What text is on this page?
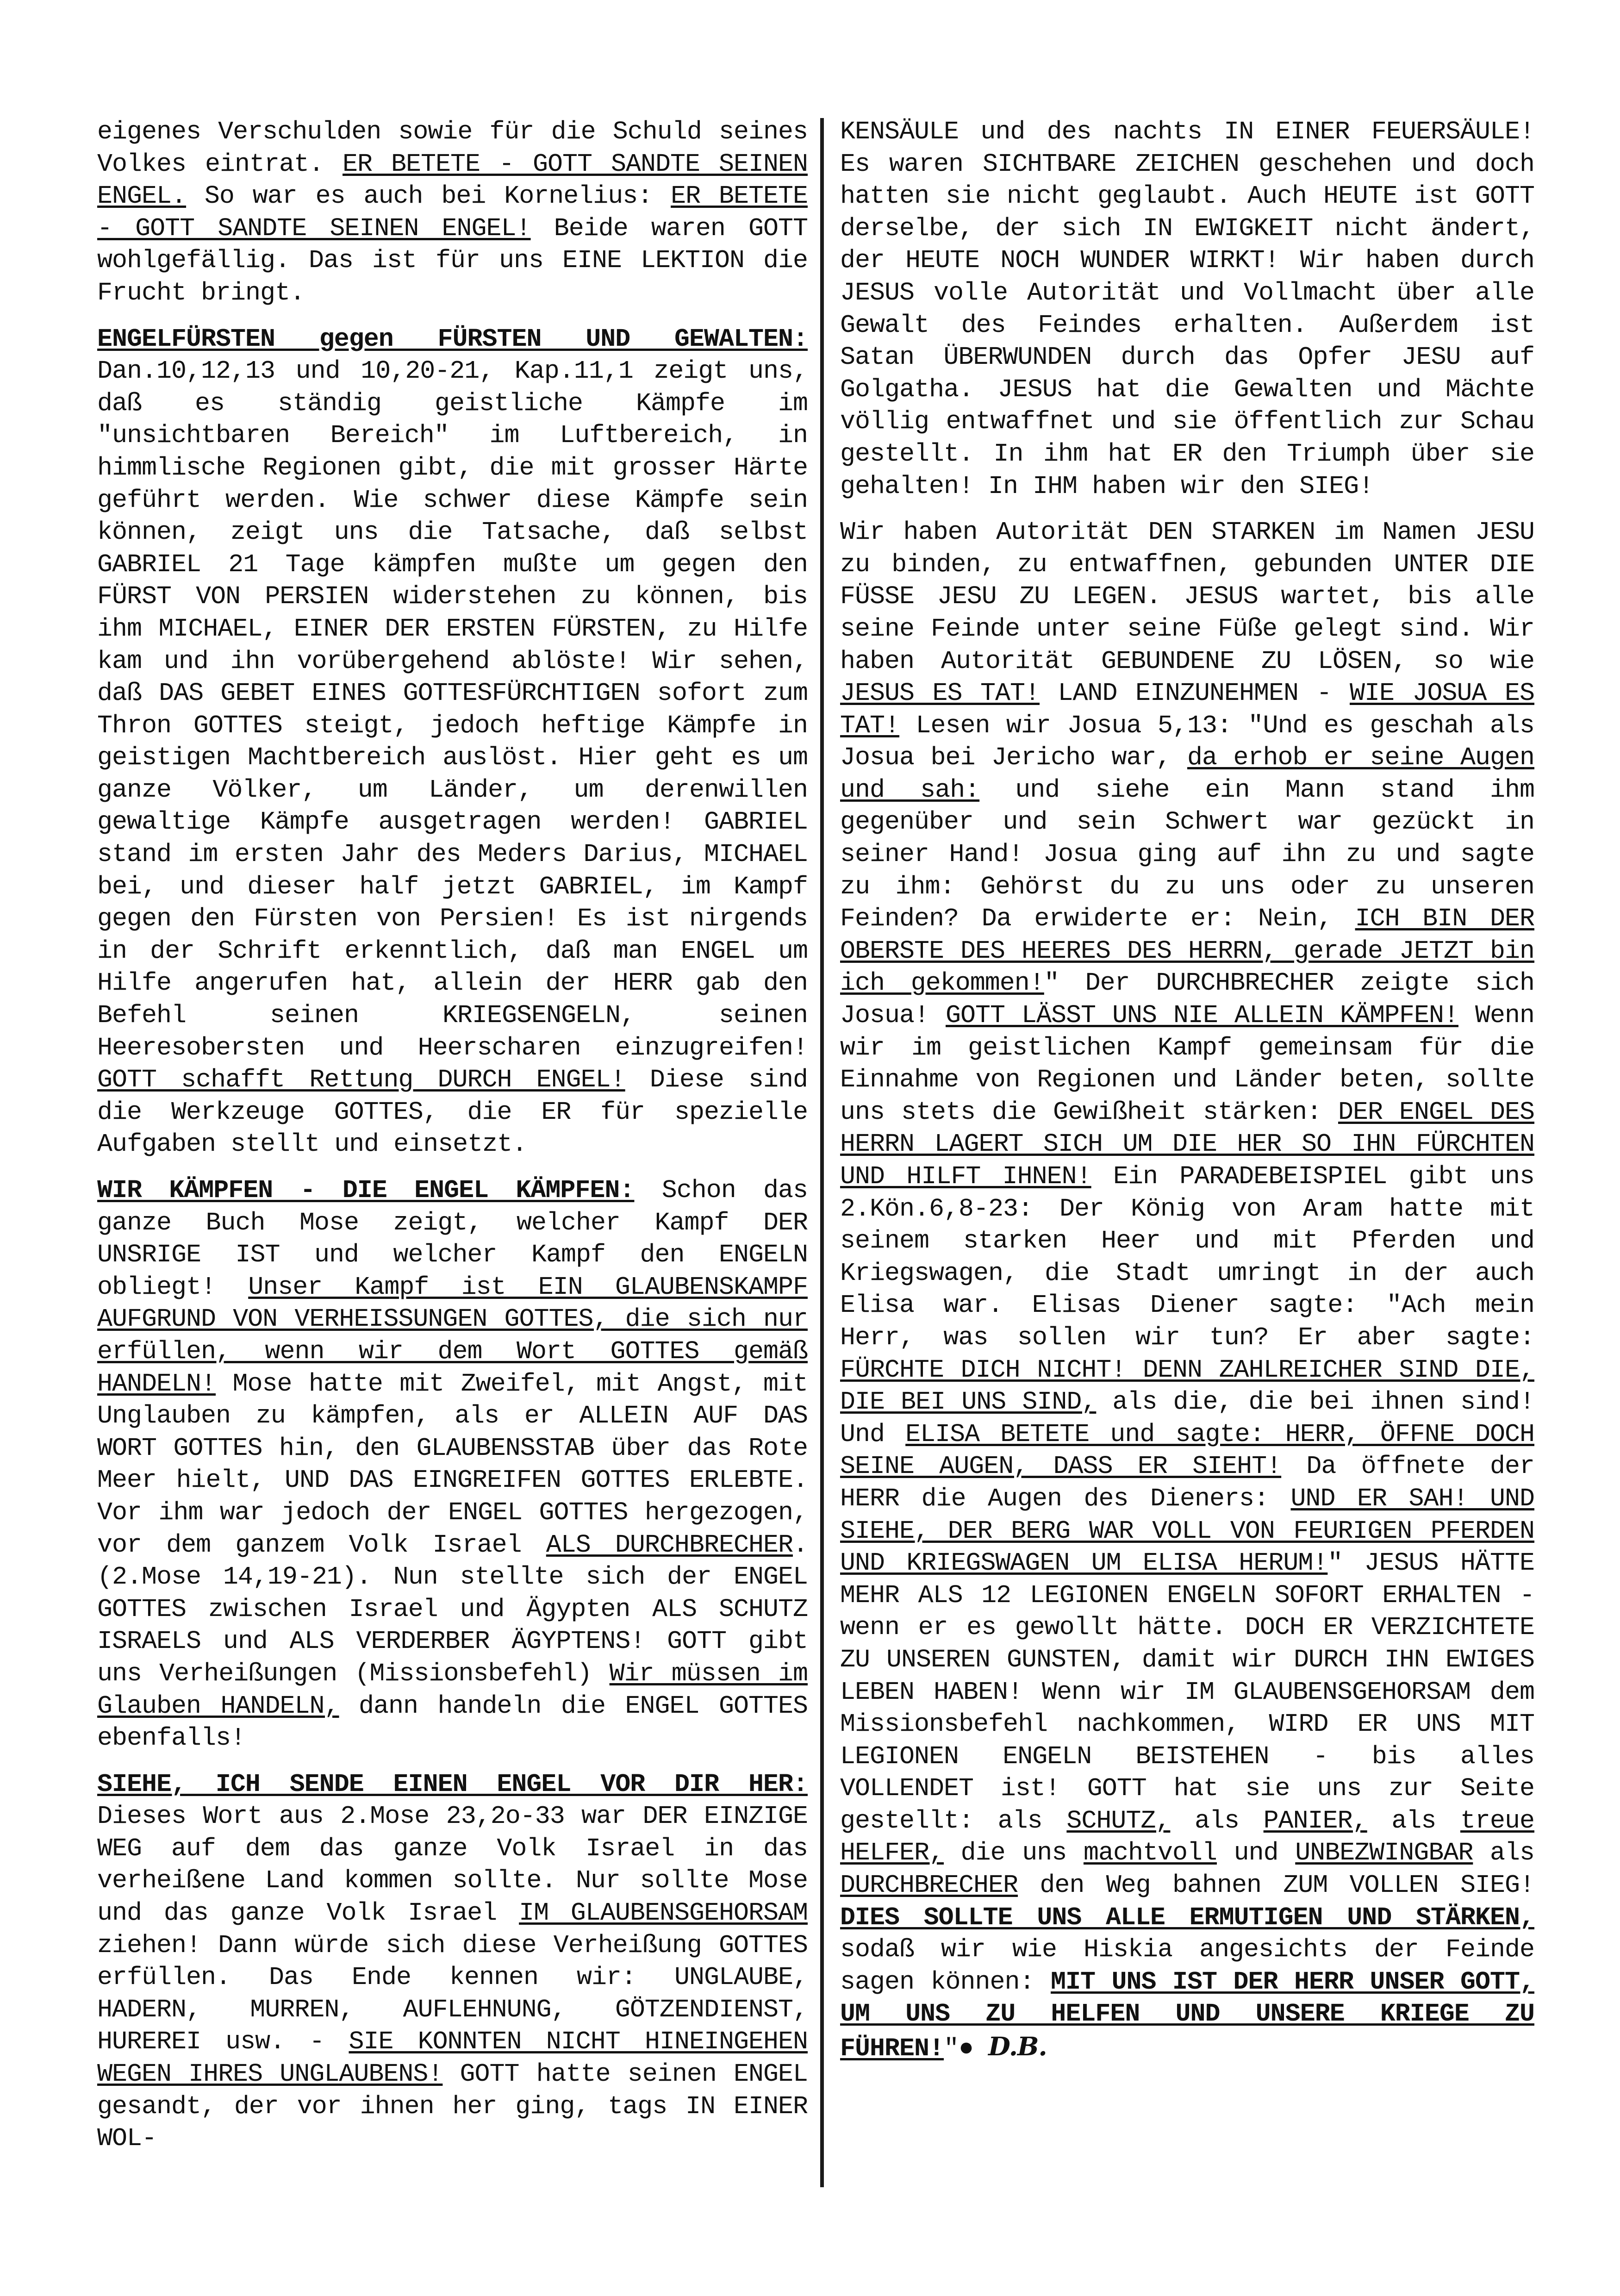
eigenes Verschulden sowie für die Schuld seines Volkes eintrat. ER BETETE - GOTT SANDTE SEINEN ENGEL. So war es auch bei Kornelius: ER BETETE - GOTT SANDTE SEINEN ENGEL! Beide waren GOTT wohlgefällig. Das ist für uns EINE LEKTION die Frucht bringt.

ENGELFÜRSTEN gegen FÜRSTEN UND GEWALTEN: Dan.10,12,13 und 10,20-21, Kap.11,1 zeigt uns, daß es ständig geistliche Kämpfe im "unsichtbaren Bereich" im Luftbereich, in himmlische Regionen gibt, die mit grosser Härte geführt werden. Wie schwer diese Kämpfe sein können, zeigt uns die Tatsache, daß selbst GABRIEL 21 Tage kämpfen mußte um gegen den FÜRST VON PERSIEN widerstehen zu können, bis ihm MICHAEL, EINER DER ERSTEN FÜRSTEN, zu Hilfe kam und ihn vorübergehend ablöste! Wir sehen, daß DAS GEBET EINES GOTTESFÜRCHTIGEN sofort zum Thron GOTTES steigt, jedoch heftige Kämpfe in geistigen Machtbereich auslöst. Hier geht es um ganze Völker, um Länder, um derenwillen gewaltige Kämpfe ausgetragen werden! GABRIEL stand im ersten Jahr des Meders Darius, MICHAEL bei, und dieser half jetzt GABRIEL, im Kampf gegen den Fürsten von Persien! Es ist nirgends in der Schrift erkenntlich, daß man ENGEL um Hilfe angerufen hat, allein der HERR gab den Befehl seinen KRIEGSENGELN, seinen Heeresobersten und Heerscharen einzugreifen! GOTT schafft Rettung DURCH ENGEL! Diese sind die Werkzeuge GOTTES, die ER für spezielle Aufgaben stellt und einsetzt.

WIR KÄMPFEN - DIE ENGEL KÄMPFEN: Schon das ganze Buch Mose zeigt, welcher Kampf DER UNSRIGE IST und welcher Kampf den ENGELN obliegt! Unser Kampf ist EIN GLAUBENSKAMPF AUFGRUND VON VERHEISSUNGEN GOTTES, die sich nur erfüllen, wenn wir dem Wort GOTTES gemäß HANDELN! Mose hatte mit Zweifel, mit Angst, mit Unglauben zu kämpfen, als er ALLEIN AUF DAS WORT GOTTES hin, den GLAUBENSSTAB über das Rote Meer hielt, UND DAS EINGREIFEN GOTTES ERLEBTE. Vor ihm war jedoch der ENGEL GOTTES hergezogen, vor dem ganzem Volk Israel ALS DURCHBRECHER. (2.Mose 14,19-21). Nun stellte sich der ENGEL GOTTES zwischen Israel und Ägypten ALS SCHUTZ ISRAELS und ALS VERDERBER ÄGYPTENS! GOTT gibt uns Verheißungen (Missionsbefehl) Wir müssen im Glauben HANDELN, dann handeln die ENGEL GOTTES ebenfalls!

SIEHE, ICH SENDE EINEN ENGEL VOR DIR HER: Dieses Wort aus 2.Mose 23,2o-33 war DER EINZIGE WEG auf dem das ganze Volk Israel in das verheißene Land kommen sollte. Nur sollte Mose und das ganze Volk Israel IM GLAUBENSGEHORSAM ziehen! Dann würde sich diese Verheißung GOTTES erfüllen. Das Ende kennen wir: UNGLAUBE, HADERN, MURREN, AUFLEHNUNG, GÖTZENDIENST, HUREREI usw. - SIE KONNTEN NICHT HINEINGEHEN WEGEN IHRES UNGLAUBENS! GOTT hatte seinen ENGEL gesandt, der vor ihnen her ging, tags IN EINER WOL-

KENSÄULE und des nachts IN EINER FEUERSÄULE! Es waren SICHTBARE ZEICHEN geschehen und doch hatten sie nicht geglaubt. Auch HEUTE ist GOTT derselbe, der sich IN EWIGKEIT nicht ändert, der HEUTE NOCH WUNDER WIRKT! Wir haben durch JESUS volle Autorität und Vollmacht über alle Gewalt des Feindes erhalten. Außerdem ist Satan ÜBERWUNDEN durch das Opfer JESU auf Golgatha. JESUS hat die Gewalten und Mächte völlig entwaffnet und sie öffentlich zur Schau gestellt. In ihm hat ER den Triumph über sie gehalten! In IHM haben wir den SIEG!

Wir haben Autorität DEN STARKEN im Namen JESU zu binden, zu entwaffnen, gebunden UNTER DIE FÜSSE JESU ZU LEGEN. JESUS wartet, bis alle seine Feinde unter seine Füße gelegt sind. Wir haben Autorität GEBUNDENE ZU LÖSEN, so wie JESUS ES TAT! LAND EINZUNEHMEN - WIE JOSUA ES TAT! Lesen wir Josua 5,13: "Und es geschah als Josua bei Jericho war, da erhob er seine Augen und sah: und siehe ein Mann stand ihm gegenüber und sein Schwert war gezückt in seiner Hand! Josua ging auf ihn zu und sagte zu ihm: Gehörst du zu uns oder zu unseren Feinden? Da erwiderte er: Nein, ICH BIN DER OBERSTE DES HEERES DES HERRN, gerade JETZT bin ich gekommen!" Der DURCHBRECHER zeigte sich Josua! GOTT LÄSST UNS NIE ALLEIN KÄMPFEN! Wenn wir im geistlichen Kampf gemeinsam für die Einnahme von Regionen und Länder beten, sollte uns stets die Gewißheit stärken: DER ENGEL DES HERRN LAGERT SICH UM DIE HER SO IHN FÜRCHTEN UND HILFT IHNEN! Ein PARADEBEISPIEL gibt uns 2.Kön.6,8-23: Der König von Aram hatte mit seinem starken Heer und mit Pferden und Kriegswagen, die Stadt umringt in der auch Elisa war. Elisas Diener sagte: "Ach mein Herr, was sollen wir tun? Er aber sagte: FÜRCHTE DICH NICHT! DENN ZAHLREICHER SIND DIE, DIE BEI UNS SIND, als die, die bei ihnen sind! Und ELISA BETETE und sagte: HERR, ÖFFNE DOCH SEINE AUGEN, DASS ER SIEHT! Da öffnete der HERR die Augen des Dieners: UND ER SAH! UND SIEHE, DER BERG WAR VOLL VON FEURIGEN PFERDEN UND KRIEGSWAGEN UM ELISA HERUM!" JESUS HÄTTE MEHR ALS 12 LEGIONEN ENGELN SOFORT ERHALTEN - wenn er es gewollt hätte. DOCH ER VERZICHTETE ZU UNSEREN GUNSTEN, damit wir DURCH IHN EWIGES LEBEN HABEN! Wenn wir IM GLAUBENSGEHORSAM dem Missionsbefehl nachkommen, WIRD ER UNS MIT LEGIONEN ENGELN BEISTEHEN - bis alles VOLLENDET ist! GOTT hat sie uns zur Seite gestellt: als SCHUTZ, als PANIER, als treue HELFER, die uns machtvoll und UNBEZWINGBAR als DURCHBRECHER den Weg bahnen ZUM VOLLEN SIEG! DIES SOLLTE UNS ALLE ERMUTIGEN UND STÄRKEN, sodaß wir wie Hiskia angesichts der Feinde sagen können: MIT UNS IST DER HERR UNSER GOTT, UM UNS ZU HELFEN UND UNSERE KRIEGE ZU FÜHREN!"● D.B.
